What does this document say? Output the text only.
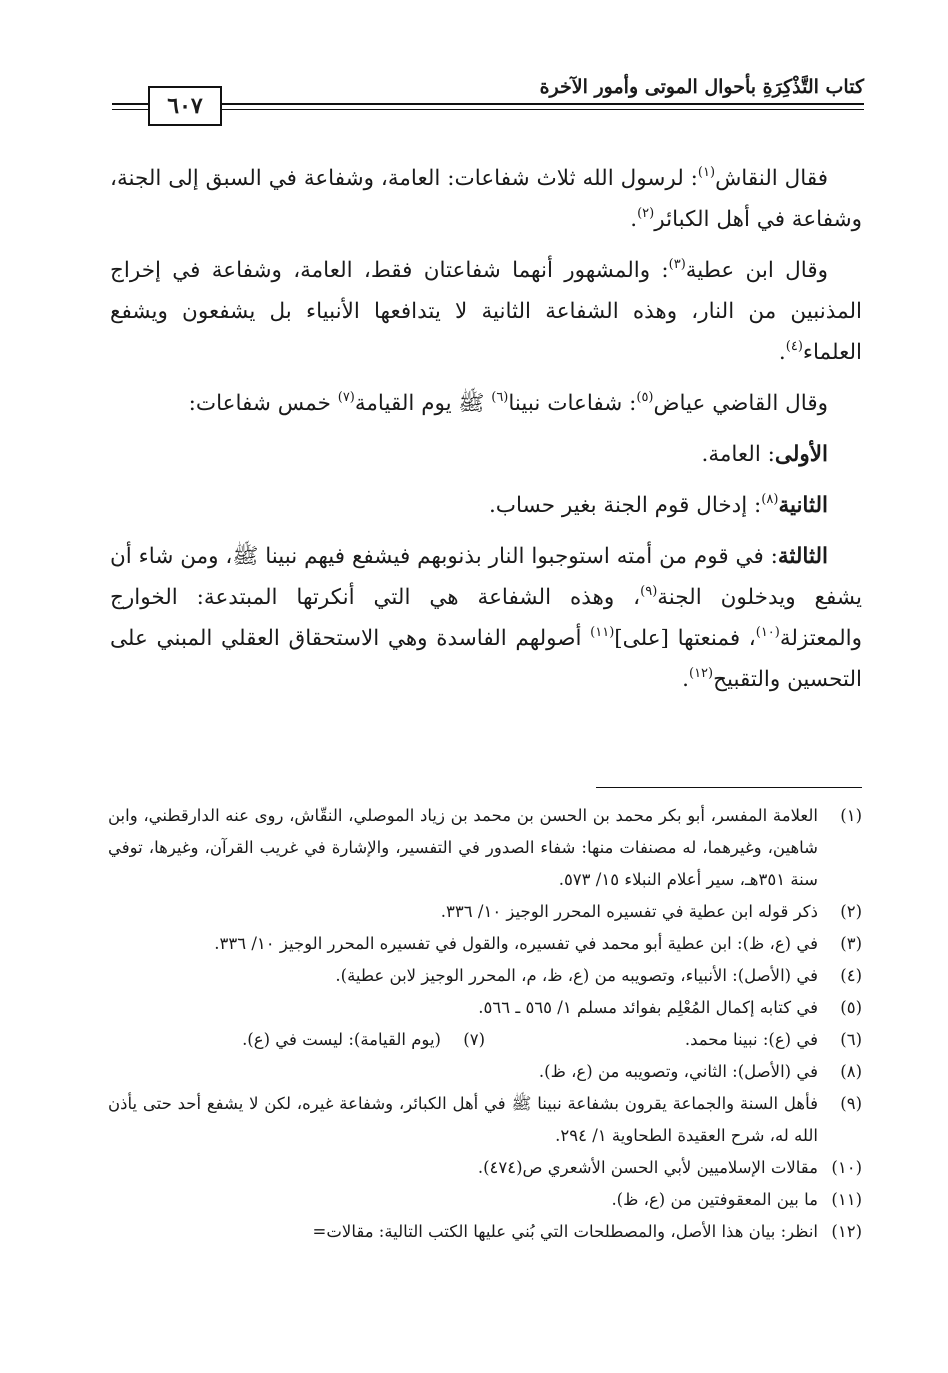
كتاب التَّذْكِرَةِ بأحوال الموتى وأمور الآخرة
٦٠٧

فقال النقاش$^{(١)}$: لرسول الله ثلاث شفاعات: العامة، وشفاعة في السبق إلى الجنة، وشفاعة في أهل الكبائر$^{(٢)}$.

وقال ابن عطية$^{(٣)}$: والمشهور أنهما شفاعتان فقط، العامة، وشفاعة في إخراج المذنبين من النار، وهذه الشفاعة الثانية لا يتدافعها الأنبياء بل يشفعون ويشفع العلماء$^{(٤)}$.

وقال القاضي عياض$^{(٥)}$: شفاعات نبينا$^{(٦)}$ ﷺ يوم القيامة$^{(٧)}$ خمس شفاعات:

الأولى: العامة.

الثانية$^{(٨)}$: إدخال قوم الجنة بغير حساب.

الثالثة: في قوم من أمته استوجبوا النار بذنوبهم فيشفع فيهم نبينا ﷺ، ومن شاء أن يشفع ويدخلون الجنة$^{(٩)}$، وهذه الشفاعة هي التي أنكرتها المبتدعة: الخوارج والمعتزلة$^{(١٠)}$، فمنعتها [على]$^{(١١)}$ أصولهم الفاسدة وهي الاستحقاق العقلي المبني على التحسين والتقبيح$^{(١٢)}$.

(١)
العلامة المفسر، أبو بكر محمد بن الحسن بن محمد بن زياد الموصلي، النقّاش، روى عنه الدارقطني، وابن شاهين، وغيرهما، له مصنفات منها: شفاء الصدور في التفسير، والإشارة في غريب القرآن، وغيرها، توفي سنة ٣٥١هـ، سير أعلام النبلاء ١٥/ ٥٧٣.
(٢)
ذكر قوله ابن عطية في تفسيره المحرر الوجيز ١٠/ ٣٣٦.
(٣)
في (ع، ظ): ابن عطية أبو محمد في تفسيره، والقول في تفسيره المحرر الوجيز ١٠/ ٣٣٦.
(٤)
في (الأصل): الأنبياء، وتصويبه من (ع، ظ، م، المحرر الوجيز لابن عطية).
(٥)
في كتابه إكمال المُعْلِم بفوائد مسلم ١/ ٥٦٥ ـ ٥٦٦.
(٦)
في (ع): نبينا محمد.
(٧)
(يوم القيامة): ليست في (ع).
(٨)
في (الأصل): الثاني، وتصويبه من (ع، ظ).
(٩)
فأهل السنة والجماعة يقرون بشفاعة نبينا ﷺ في أهل الكبائر، وشفاعة غيره، لكن لا يشفع أحد حتى يأذن الله له، شرح العقيدة الطحاوية ١/ ٢٩٤.
(١٠)
مقالات الإسلاميين لأبي الحسن الأشعري ص(٤٧٤).
(١١)
ما بين المعقوفتين من (ع، ظ).
(١٢)
انظر: بيان هذا الأصل، والمصطلحات التي بُني عليها الكتب التالية: مقالات=
